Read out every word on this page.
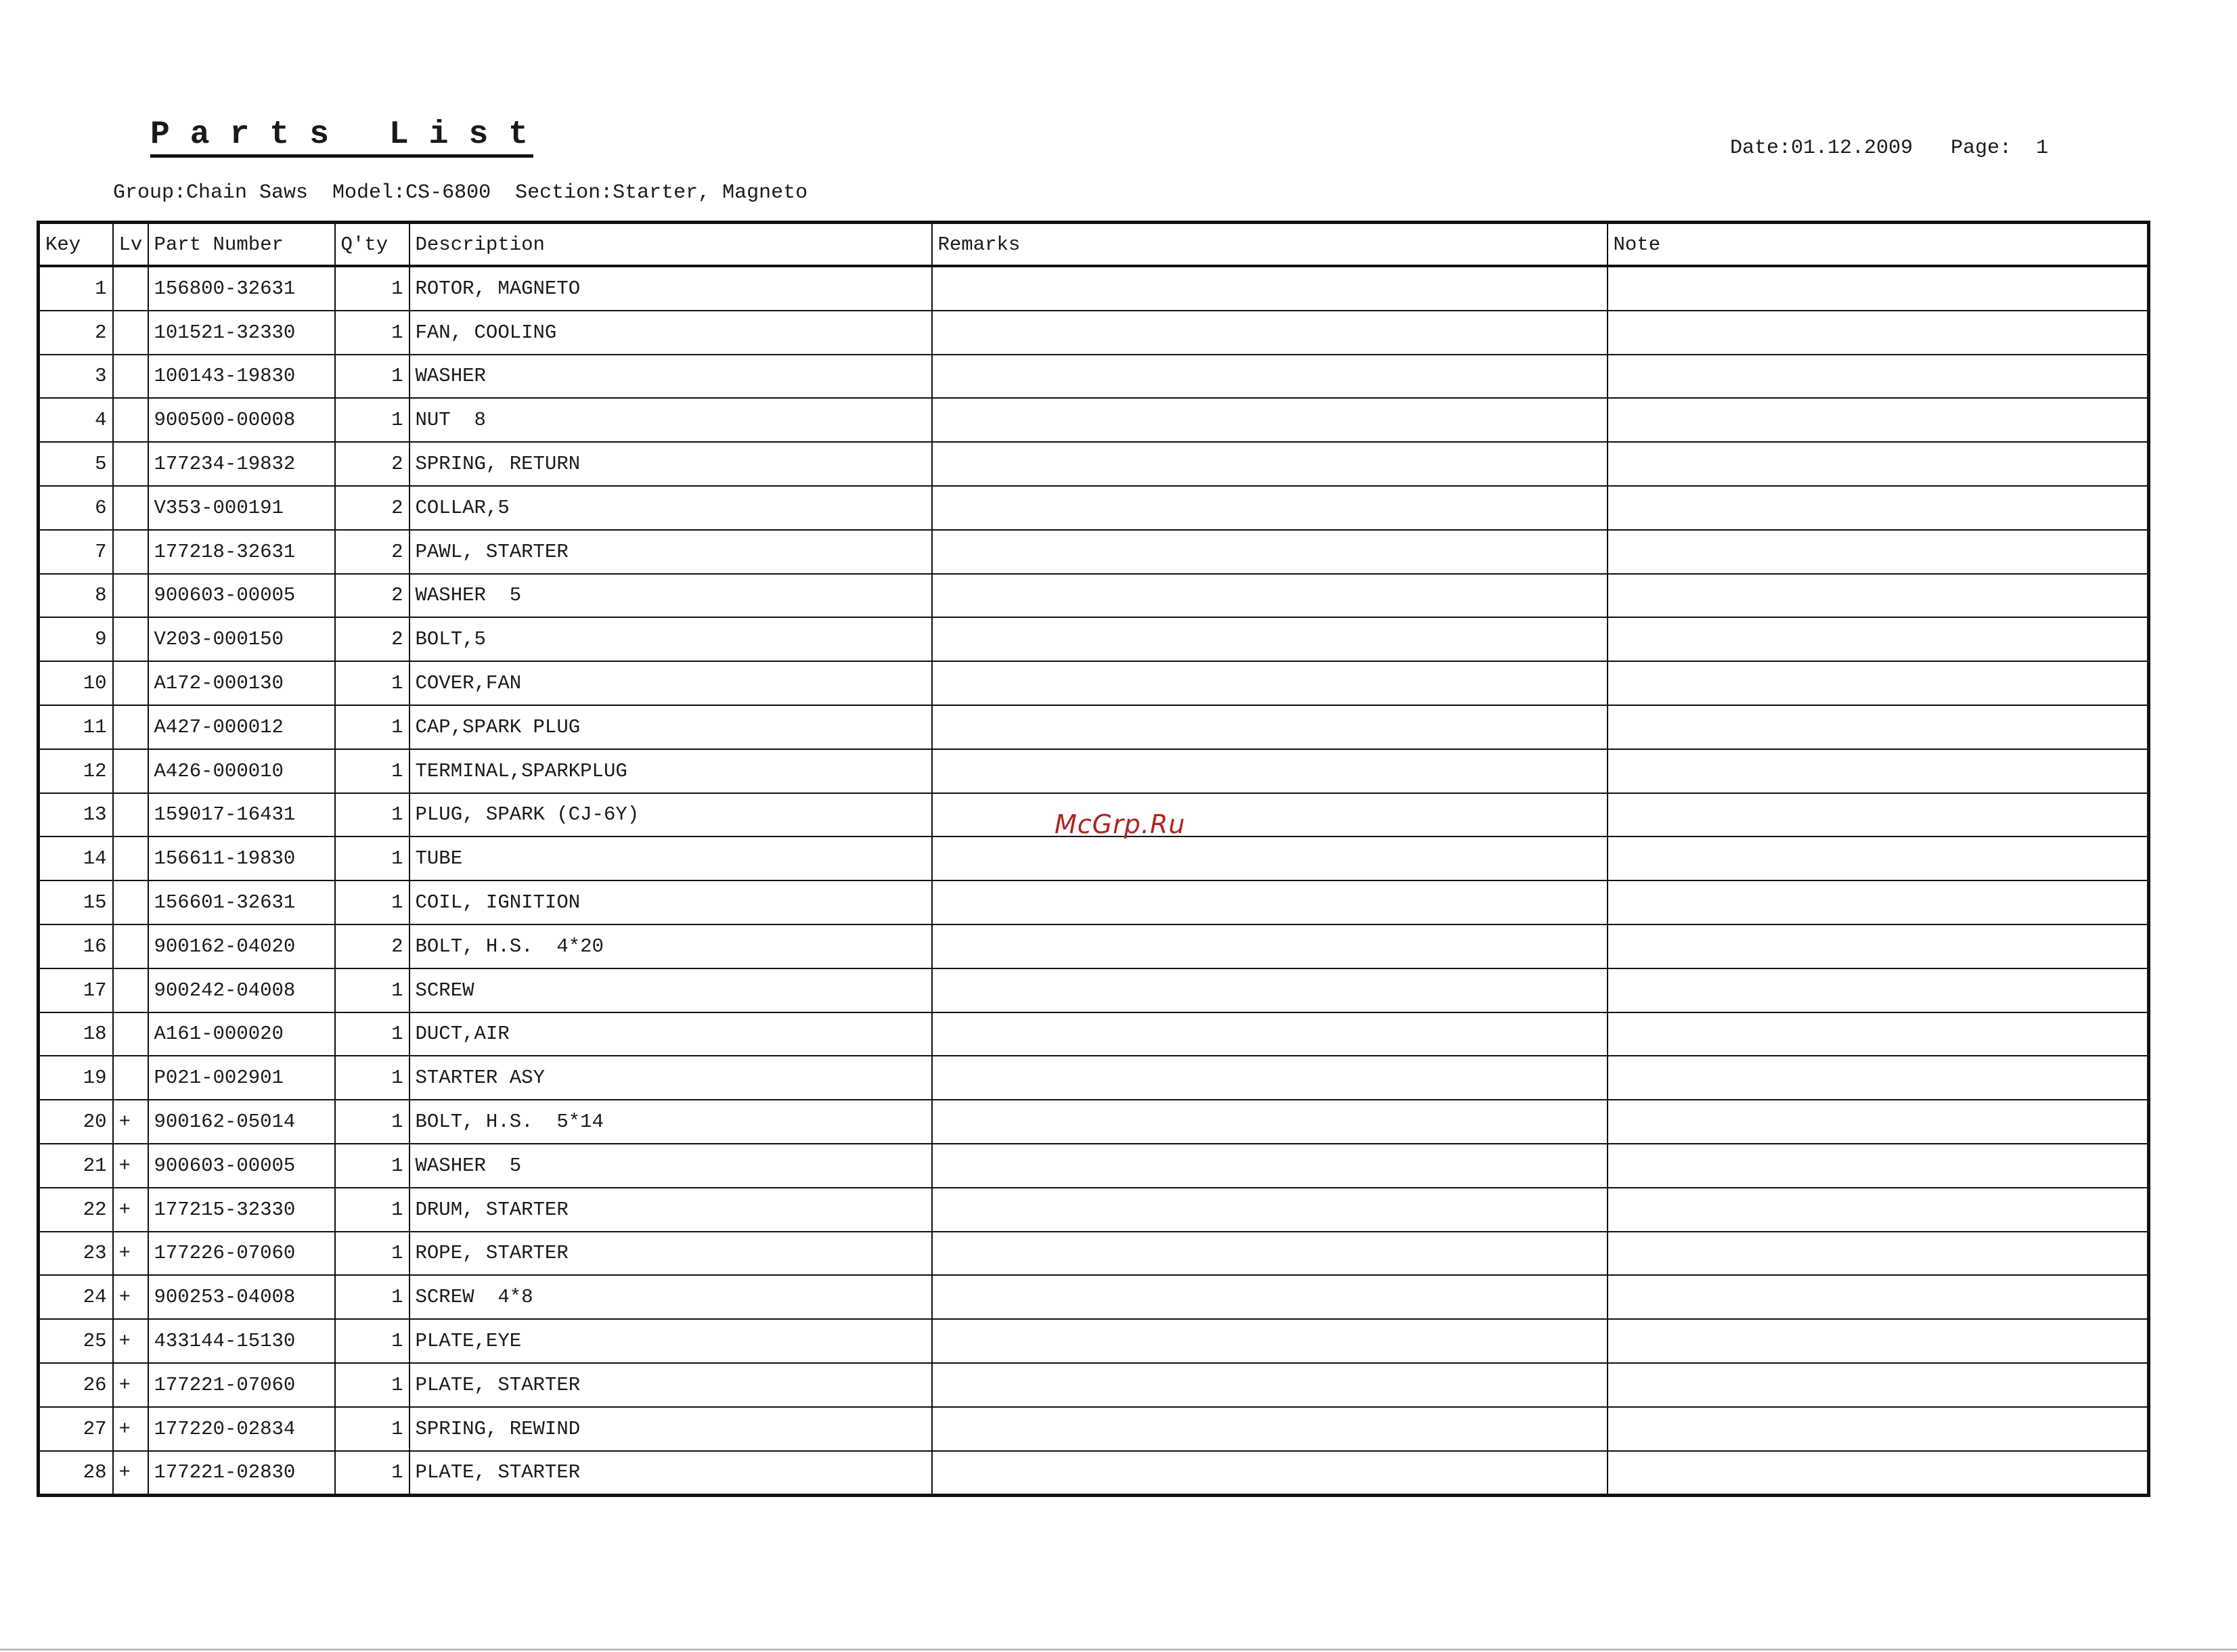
Parts List
Group:Chain Saws Model:CS-6800 Section:Starter, Magneto
Date:01.12.2009 Page:  1
Key	Lv	Part Number	Q'ty	Description	Remarks	Note
1		156800-32631	1	ROTOR, MAGNETO		
2		101521-32330	1	FAN, COOLING		
3		100143-19830	1	WASHER		
4		900500-00008	1	NUT  8		
5		177234-19832	2	SPRING, RETURN		
6		V353-000191	2	COLLAR,5		
7		177218-32631	2	PAWL, STARTER		
8		900603-00005	2	WASHER  5		
9		V203-000150	2	BOLT,5		
10		A172-000130	1	COVER,FAN		
11		A427-000012	1	CAP,SPARK PLUG		
12		A426-000010	1	TERMINAL,SPARKPLUG		
13		159017-16431	1	PLUG, SPARK (CJ-6Y)		
14		156611-19830	1	TUBE		
15		156601-32631	1	COIL, IGNITION		
16		900162-04020	2	BOLT, H.S.  4*20		
17		900242-04008	1	SCREW		
18		A161-000020	1	DUCT,AIR		
19		P021-002901	1	STARTER ASY		
20	+	900162-05014	1	BOLT, H.S.  5*14		
21	+	900603-00005	1	WASHER  5		
22	+	177215-32330	1	DRUM, STARTER		
23	+	177226-07060	1	ROPE, STARTER		
24	+	900253-04008	1	SCREW  4*8		
25	+	433144-15130	1	PLATE,EYE		
26	+	177221-07060	1	PLATE, STARTER		
27	+	177220-02834	1	SPRING, REWIND		
28	+	177221-02830	1	PLATE, STARTER		
McGrp.Ru
